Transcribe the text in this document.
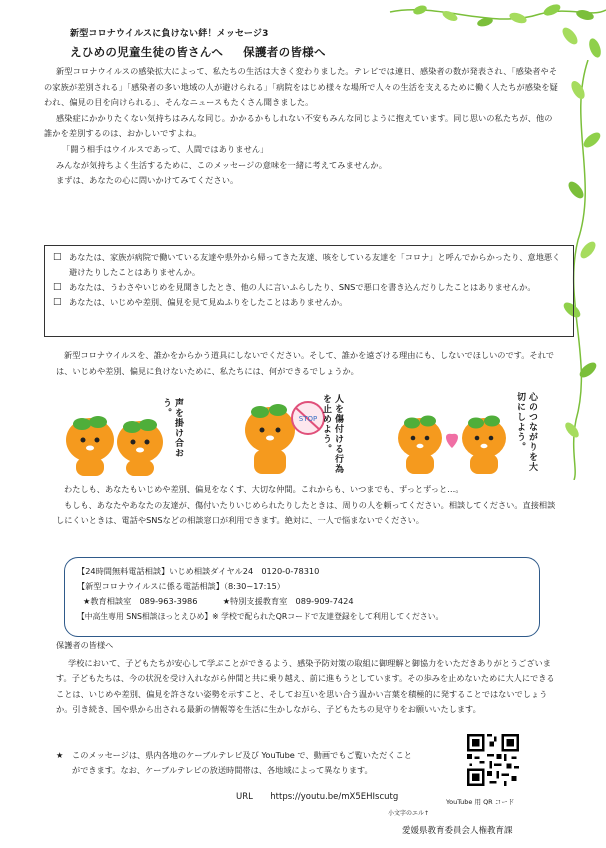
新型コロナウイルスに負けない絆！メッセージ3
えひめの児童生徒の皆さんへ 保護者の皆様へ

新型コロナウイルスの感染拡大によって、私たちの生活は大きく変わりました。テレビでは連日、感染者の数が発表され、「感染者やその家族が差別される」「感染者の多い地域の人が避けられる」「病院をはじめ様々な場所で人々の生活を支えるために働く人たちが感染を疑われ、偏見の目を向けられる」、そんなニュースもたくさん聞きました。

感染症にかかりたくない気持ちはみんな同じ。かかるかもしれない不安もみんな同じように抱えています。同じ思いの私たちが、他の誰かを差別するのは、おかしいですよね。

「闘う相手はウイルスであって、人間ではありません」

みんなが気持ちよく生活するために、このメッセージの意味を一緒に考えてみませんか。

まずは、あなたの心に問いかけてみてください。

□ あなたは、家族が病院で働いている友達や県外から帰ってきた友達、咳をしている友達を「コロナ」と呼んでからかったり、意地悪く避けたりしたことはありませんか。
□ あなたは、うわさやいじめを見聞きしたとき、他の人に言いふらしたり、SNSで悪口を書き込んだりしたことはありませんか。
□ あなたは、いじめや差別、偏見を見て見ぬふりをしたことはありませんか。

新型コロナウイルスを、誰かをからかう道具にしないでください。そして、誰かを遠ざける理由にも、しないでほしいのです。それでは、いじめや差別、偏見に負けないために、私たちには、何ができるでしょうか。

STOP
声を掛け合おう。	人を傷付ける行為を止めよう。	心のつながりを大切にしよう。

わたしも、あなたもいじめや差別、偏見をなくす、大切な仲間。これからも、いつまでも、ずっとずっと…。

もしも、あなたやあなたの友達が、傷付いたりいじめられたりしたときは、周りの人を頼ってください。相談してください。直接相談しにくいときは、電話やSNSなどの相談窓口が利用できます。絶対に、一人で悩まないでください。

【24時間無料電話相談】いじめ相談ダイヤル24　0120-0-78310
【新型コロナウイルスに係る電話相談】（8:30~17:15）
★教育相談室　089-963-3986	★特別支援教育室　089-909-7424
【中高生専用 SNS相談ほっとえひめ】※ 学校で配られたQRコードで友達登録をして利用してください。
保護者の皆様へ

学校において、子どもたちが安心して学ぶことができるよう、感染予防対策の取組に御理解と御協力をいただきありがとうございます。子どもたちは、今の状況を受け入れながら仲間と共に乗り越え、前に進もうとしています。その歩みを止めないために大人にできることは、いじめや差別、偏見を許さない姿勢を示すこと、そしてお互いを思い合う温かい言葉を積極的に発することではないでしょうか。引き続き、国や県から出される最新の情報等を生活に生かしながら、子どもたちの見守りをお願いいたします。

★	このメッセージは、県内各地のケーブルテレビ及び YouTube で、動画でもご覧いただくことができます。なお、ケーブルテレビの放送時間帯は、各地域によって異なります。
URL https://youtu.be/mX5EHIscutg
小文字のエル↑
YouTube 用 QR コード
愛媛県教育委員会人権教育課
